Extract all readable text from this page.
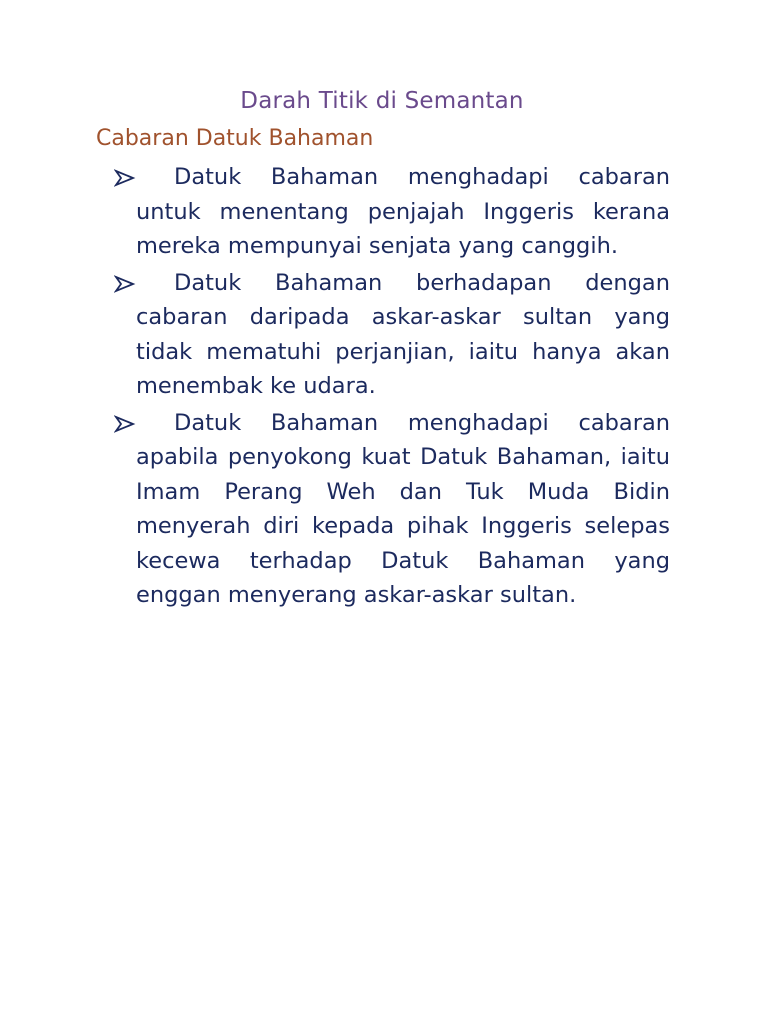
Darah Titik di Semantan
Cabaran Datuk Bahaman
Datuk Bahaman menghadapi cabaran untuk menentang penjajah Inggeris kerana mereka mempunyai senjata yang canggih.
Datuk Bahaman berhadapan dengan cabaran daripada askar-askar sultan yang tidak mematuhi perjanjian, iaitu hanya akan menembak ke udara.
Datuk Bahaman menghadapi cabaran apabila penyokong kuat Datuk Bahaman, iaitu Imam Perang Weh dan Tuk Muda Bidin menyerah diri kepada pihak Inggeris selepas kecewa terhadap Datuk Bahaman yang enggan menyerang askar-askar sultan.
